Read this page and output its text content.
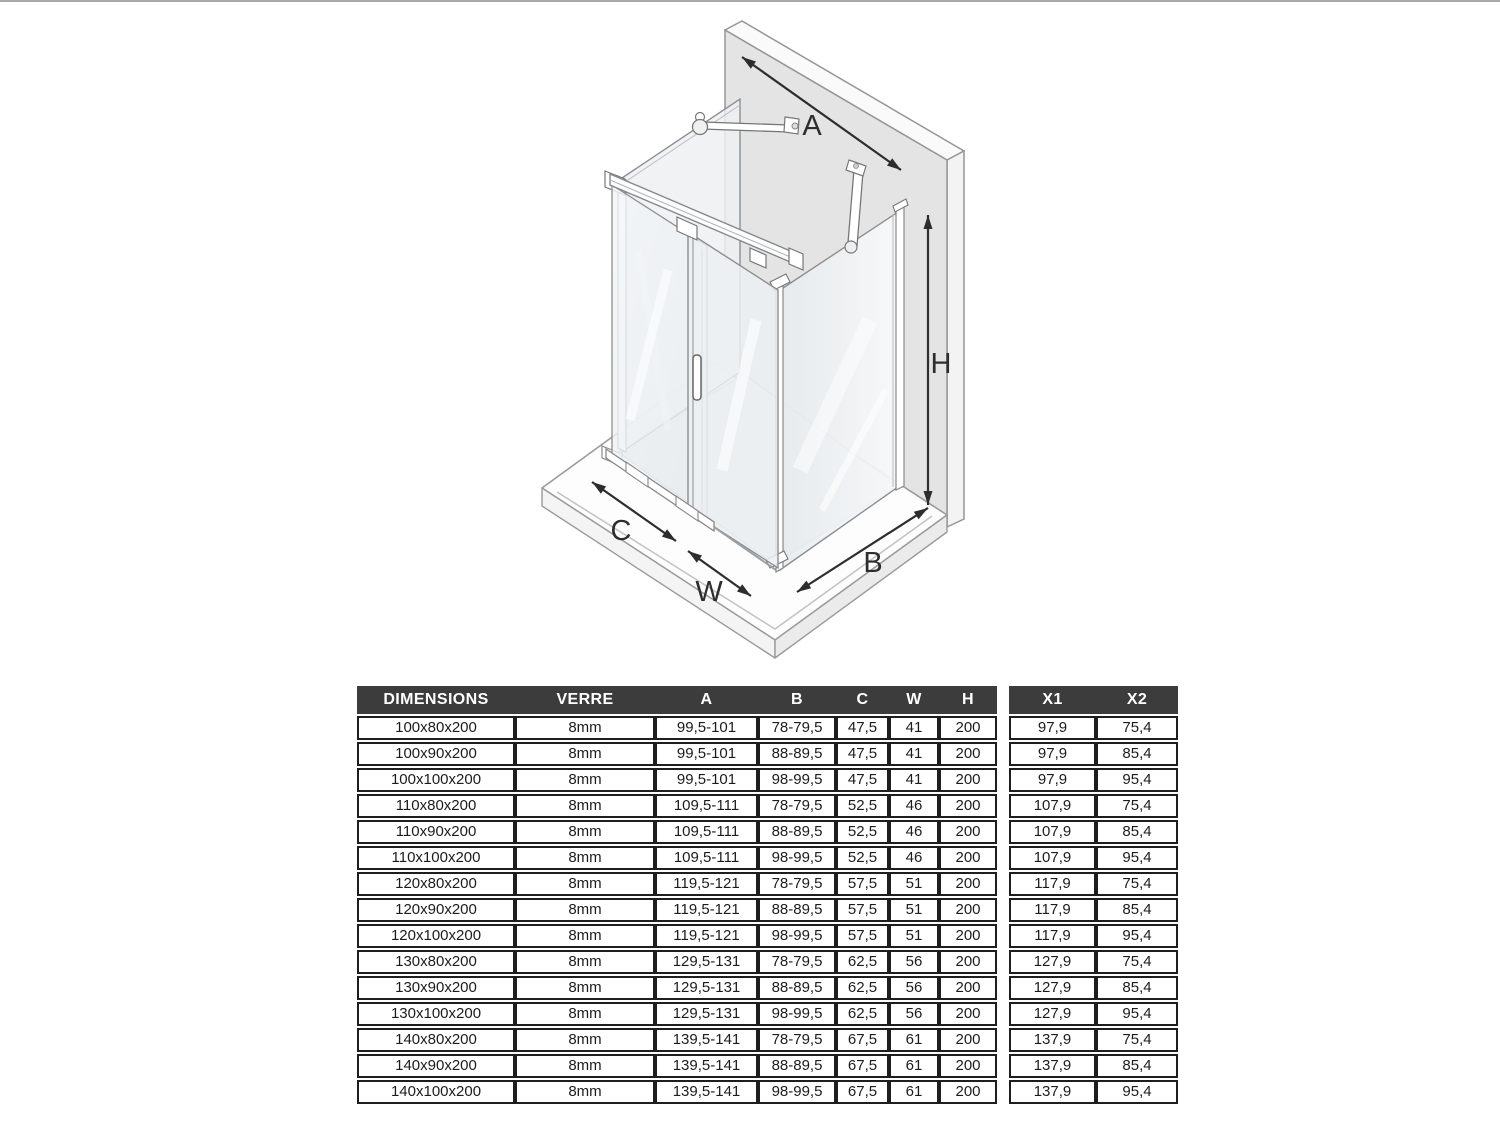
A
H
C
W
B
DIMENSIONS	VERRE	A	B	C	W	H
100x80x200	8mm	99,5-101	78-79,5	47,5	41	200
100x90x200	8mm	99,5-101	88-89,5	47,5	41	200
100x100x200	8mm	99,5-101	98-99,5	47,5	41	200
110x80x200	8mm	109,5-111	78-79,5	52,5	46	200
110x90x200	8mm	109,5-111	88-89,5	52,5	46	200
110x100x200	8mm	109,5-111	98-99,5	52,5	46	200
120x80x200	8mm	119,5-121	78-79,5	57,5	51	200
120x90x200	8mm	119,5-121	88-89,5	57,5	51	200
120x100x200	8mm	119,5-121	98-99,5	57,5	51	200
130x80x200	8mm	129,5-131	78-79,5	62,5	56	200
130x90x200	8mm	129,5-131	88-89,5	62,5	56	200
130x100x200	8mm	129,5-131	98-99,5	62,5	56	200
140x80x200	8mm	139,5-141	78-79,5	67,5	61	200
140x90x200	8mm	139,5-141	88-89,5	67,5	61	200
140x100x200	8mm	139,5-141	98-99,5	67,5	61	200
X1	X2
97,9	75,4
97,9	85,4
97,9	95,4
107,9	75,4
107,9	85,4
107,9	95,4
117,9	75,4
117,9	85,4
117,9	95,4
127,9	75,4
127,9	85,4
127,9	95,4
137,9	75,4
137,9	85,4
137,9	95,4
